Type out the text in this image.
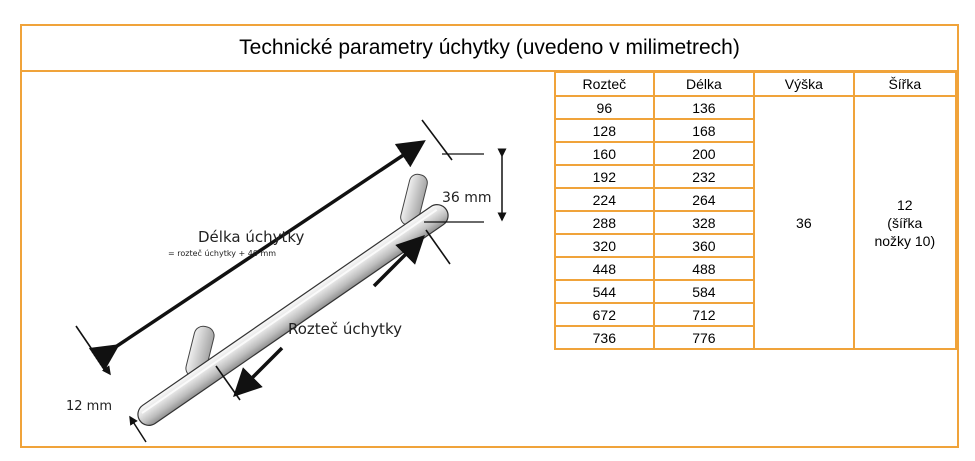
Technické parametry úchytky (uvedeno v milimetrech)
Délka úchytky
= rozteč úchytky + 40 mm
Rozteč úchytky
36 mm
12 mm
Rozteč	Délka	Výška	Šířka
96	136	36	12
(šířka
nožky 10)

128	168		
160	200		
192	232		
224	264		
288	328		
320	360		
448	488		
544	584		
672	712		
736	776		
